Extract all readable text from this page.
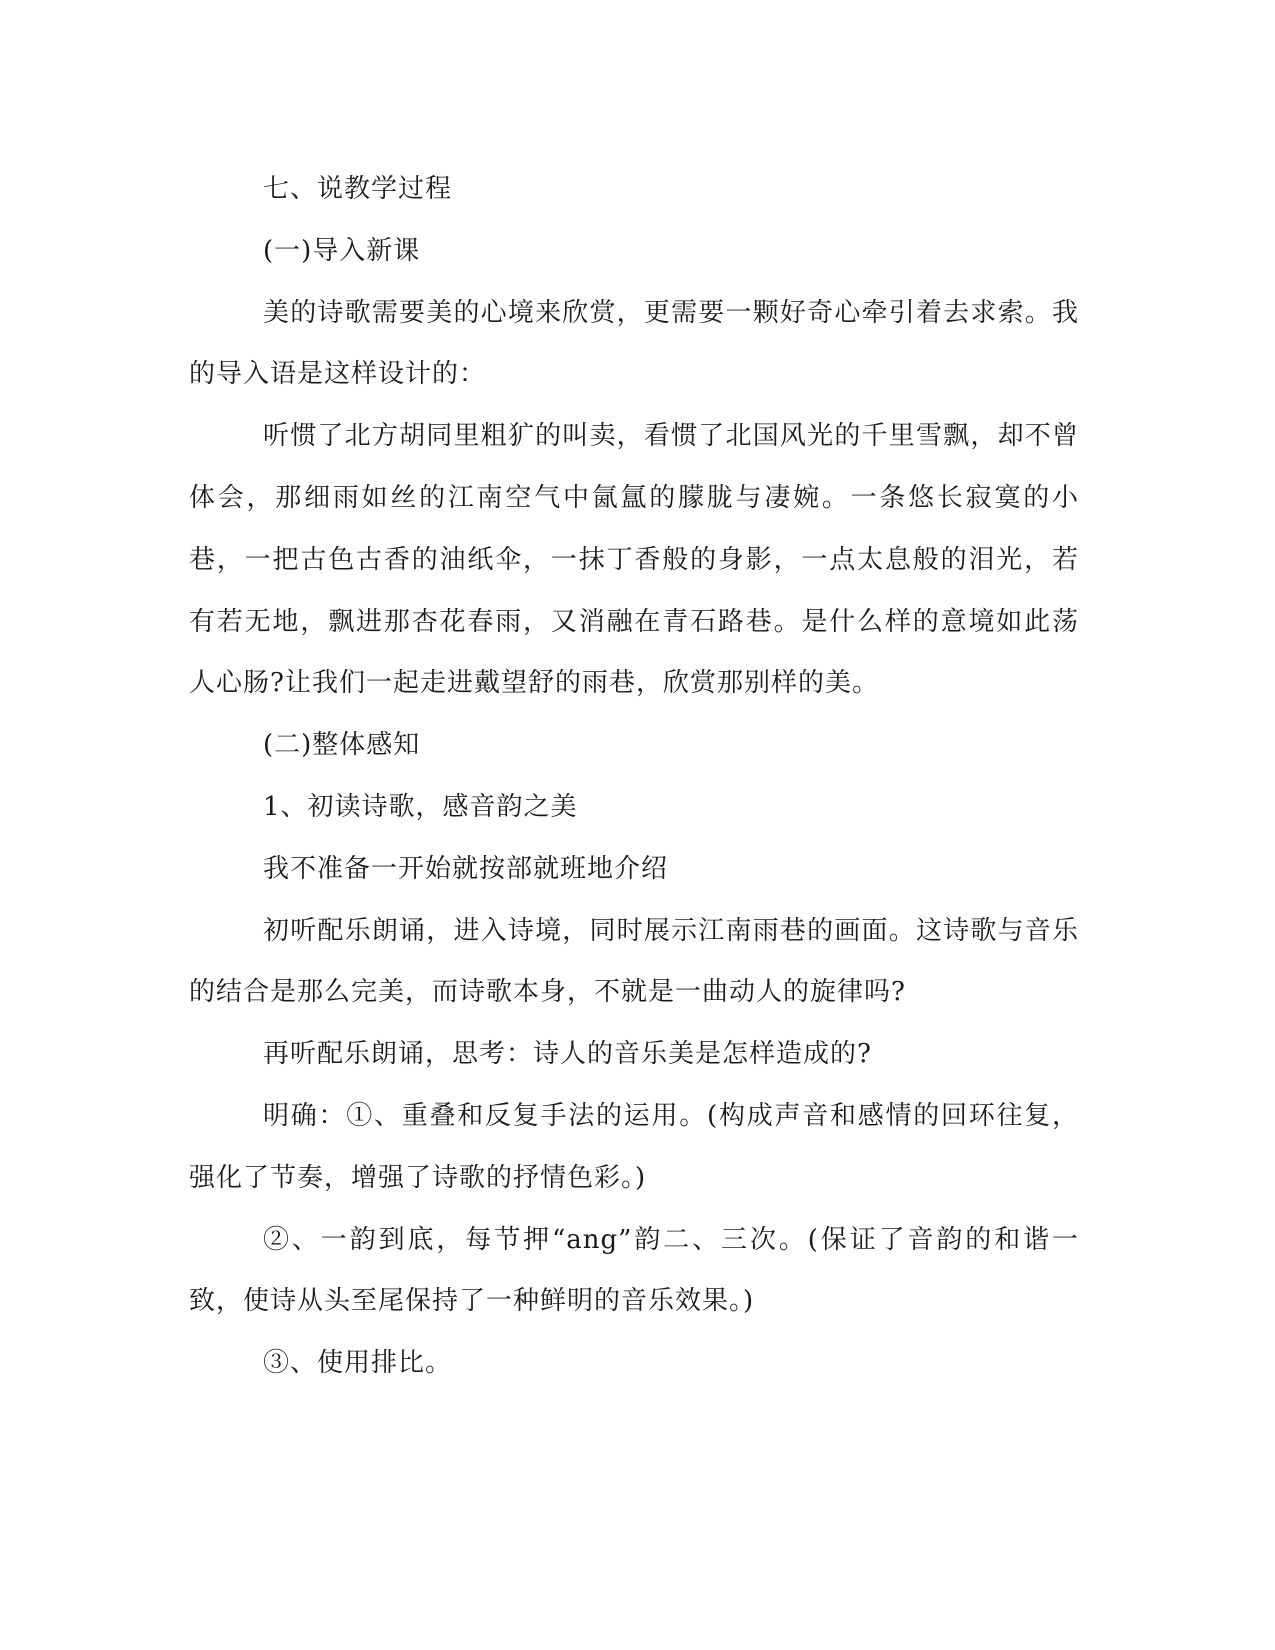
七、说教学过程

(一)导入新课

美的诗歌需要美的心境来欣赏，更需要一颗好奇心牵引着去求索。我的导入语是这样设计的：

听惯了北方胡同里粗犷的叫卖，看惯了北国风光的千里雪飘，却不曾体会，那细雨如丝的江南空气中氤氲的朦胧与凄婉。一条悠长寂寞的小巷，一把古色古香的油纸伞，一抹丁香般的身影，一点太息般的泪光，若有若无地，飘进那杏花春雨，又消融在青石路巷。是什么样的意境如此荡人心肠?让我们一起走进戴望舒的雨巷，欣赏那别样的美。

(二)整体感知

1、初读诗歌，感音韵之美

我不准备一开始就按部就班地介绍

初听配乐朗诵，进入诗境，同时展示江南雨巷的画面。这诗歌与音乐的结合是那么完美，而诗歌本身，不就是一曲动人的旋律吗?

再听配乐朗诵，思考：诗人的音乐美是怎样造成的?

明确：①、重叠和反复手法的运用。(构成声音和感情的回环往复，强化了节奏，增强了诗歌的抒情色彩。)

②、一韵到底，每节押“ang”韵二、三次。(保证了音韵的和谐一致，使诗从头至尾保持了一种鲜明的音乐效果。)

③、使用排比。
